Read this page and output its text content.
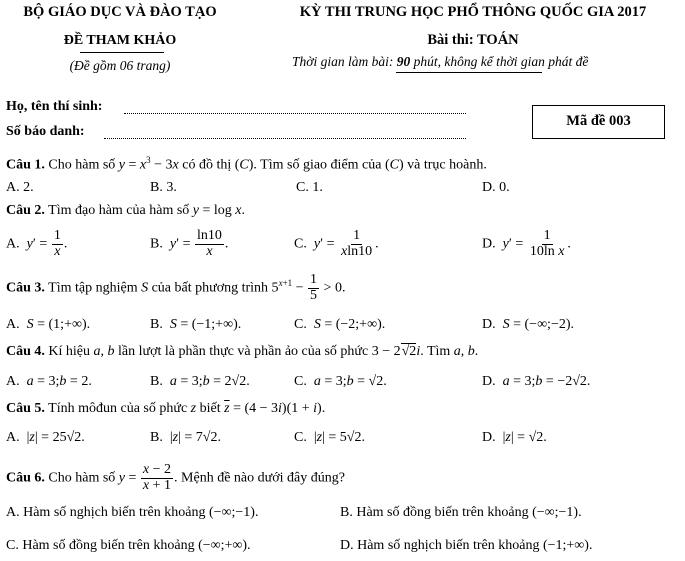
BỘ GIÁO DỤC VÀ ĐÀO TẠO	KỲ THI TRUNG HỌC PHỔ THÔNG QUỐC GIA 2017
ĐỀ THAM KHẢO	Bài thi: TOÁN
(Đề gồm 06 trang)	Thời gian làm bài: 90 phút, không kể thời gian phát đề
Họ, tên thí sinh:
Số báo danh:
Mã đề 003
Câu 1. Cho hàm số $y = x^3 - 3x$ có đồ thị (C). Tìm số giao điểm của (C) và trục hoành.
A. 2.	B. 3.	C. 1.	D. 0.
Câu 2. Tìm đạo hàm của hàm số y = log x.
A.  $y' = \frac{1}{x}$ .	B.  $y' = \frac{\ln 10}{x}$ .	C.  $y' = \frac{1}{xln10}$ .	D.  $y' = \frac{1}{\text{10ln x}}$ .
Câu 3. Tìm tập nghiệm S của bất phương trình $5^{x+1} - \frac{1}{5} > 0$.
A.  S = (1;+∞).	B.  S = (−1;+∞).	C.  S = (−2;+∞).	D.  S = (−∞;−2).
Câu 4. Kí hiệu a, b lần lượt là phần thực và phần ảo của số phức 3 − 2√2i. Tìm a, b.
A.  a = 3;b = 2.	B.  a = 3;b = 2√2.	C.  a = 3;b = √2.	D.  a = 3;b = −2√2.
Câu 5. Tính môđun của số phức z biết $\overline{z} = (4 - 3i)(1 + i)$.
A.  |z| = 25√2.	B.  |z| = 7√2.	C.  |z| = 5√2.	D.  |z| = √2.
Câu 6. Cho hàm số $y = \frac{x - 2}{x + 1}$ . Mệnh đề nào dưới đây đúng?
A. Hàm số nghịch biến trên khoảng (−∞;−1).	B. Hàm số đồng biến trên khoảng (−∞;−1).
C. Hàm số đồng biến trên khoảng (−∞;+∞).	D. Hàm số nghịch biến trên khoảng (−1;+∞).
